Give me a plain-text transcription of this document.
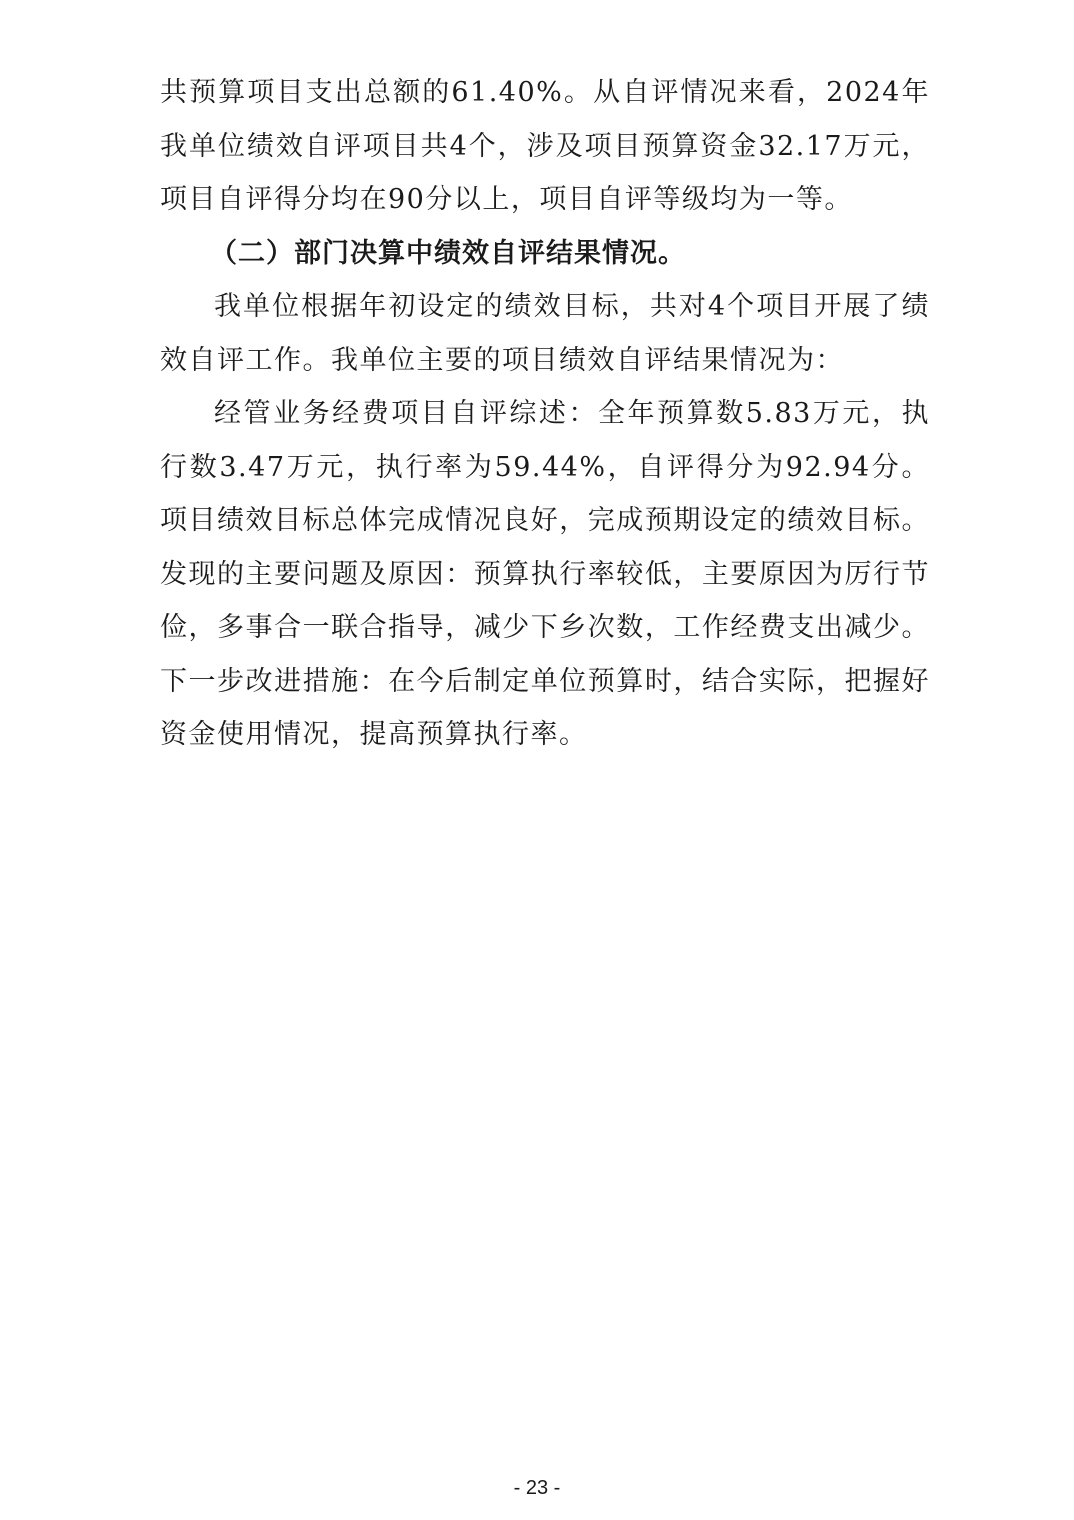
共预算项目支出总额的61.40%。从自评情况来看，2024年我单位绩效自评项目共4个，涉及项目预算资金32.17万元，项目自评得分均在90分以上，项目自评等级均为一等。

（二）部门决算中绩效自评结果情况。

我单位根据年初设定的绩效目标，共对4个项目开展了绩效自评工作。我单位主要的项目绩效自评结果情况为：

经管业务经费项目自评综述：全年预算数5.83万元，执行数3.47万元，执行率为59.44%，自评得分为92.94分。项目绩效目标总体完成情况良好，完成预期设定的绩效目标。发现的主要问题及原因：预算执行率较低，主要原因为厉行节俭，多事合一联合指导，减少下乡次数，工作经费支出减少。下一步改进措施：在今后制定单位预算时，结合实际，把握好资金使用情况，提高预算执行率。

- 23 -
